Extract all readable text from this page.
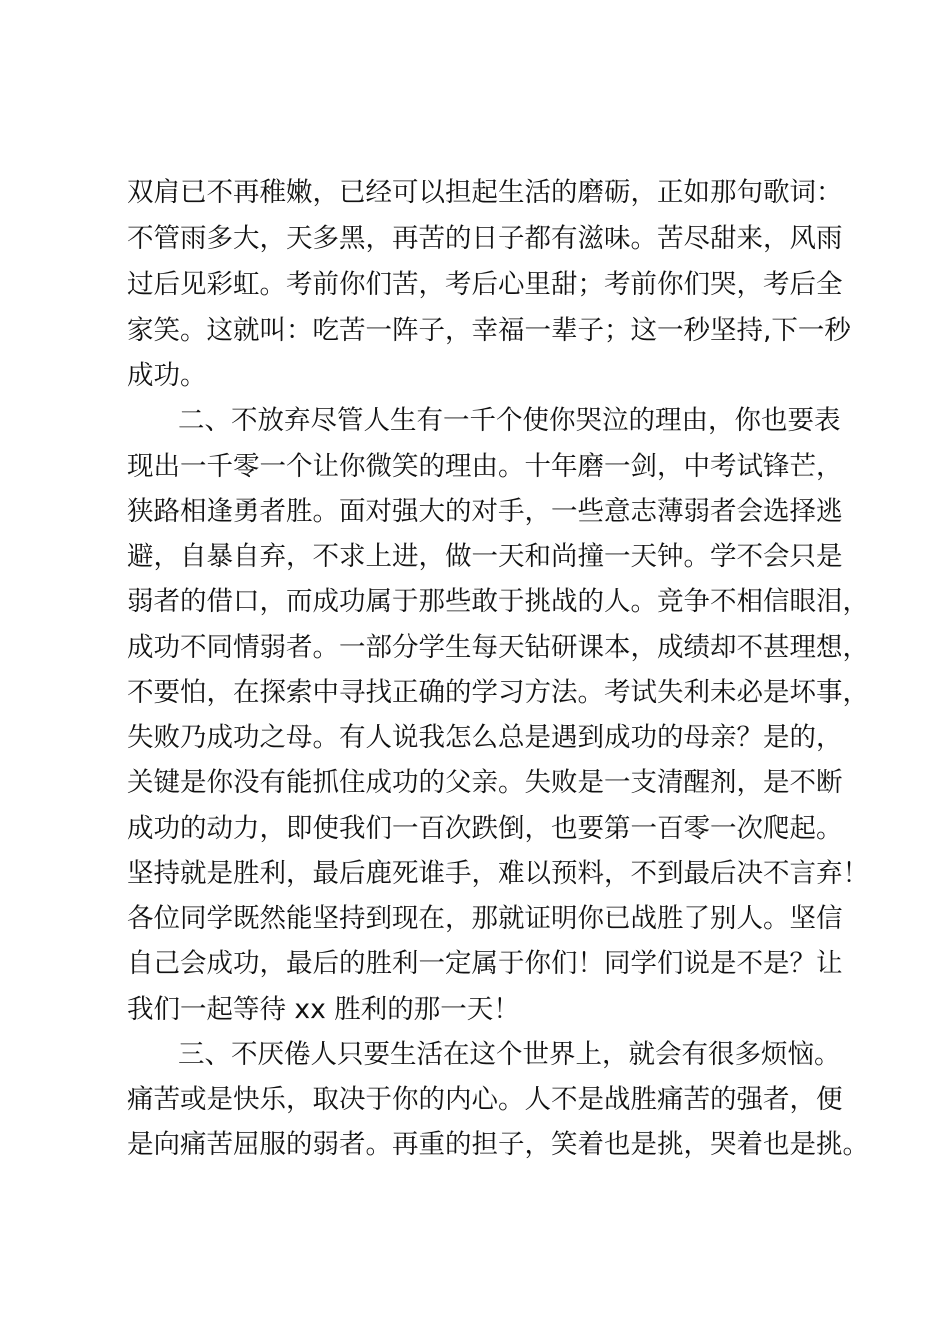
双肩已不再稚嫩，已经可以担起生活的磨砺，正如那句歌词：
不管雨多大，天多黑，再苦的日子都有滋味。苦尽甜来，风雨
过后见彩虹。考前你们苦，考后心里甜；考前你们哭，考后全
家笑。这就叫：吃苦一阵子，幸福一辈子；这一秒坚持,下一秒
成功。
二、不放弃尽管人生有一千个使你哭泣的理由，你也要表
现出一千零一个让你微笑的理由。十年磨一剑，中考试锋芒，
狭路相逢勇者胜。面对强大的对手，一些意志薄弱者会选择逃
避，自暴自弃，不求上进，做一天和尚撞一天钟。学不会只是
弱者的借口，而成功属于那些敢于挑战的人。竞争不相信眼泪，
成功不同情弱者。一部分学生每天钻研课本，成绩却不甚理想，
不要怕，在探索中寻找正确的学习方法。考试失利未必是坏事，
失败乃成功之母。有人说我怎么总是遇到成功的母亲？是的，
关键是你没有能抓住成功的父亲。失败是一支清醒剂，是不断
成功的动力，即使我们一百次跌倒，也要第一百零一次爬起。
坚持就是胜利，最后鹿死谁手，难以预料，不到最后决不言弃！
各位同学既然能坚持到现在，那就证明你已战胜了别人。坚信
自己会成功，最后的胜利一定属于你们！同学们说是不是？让
我们一起等待 xx 胜利的那一天！
三、不厌倦人只要生活在这个世界上，就会有很多烦恼。
痛苦或是快乐，取决于你的内心。人不是战胜痛苦的强者，便
是向痛苦屈服的弱者。再重的担子，笑着也是挑，哭着也是挑。
